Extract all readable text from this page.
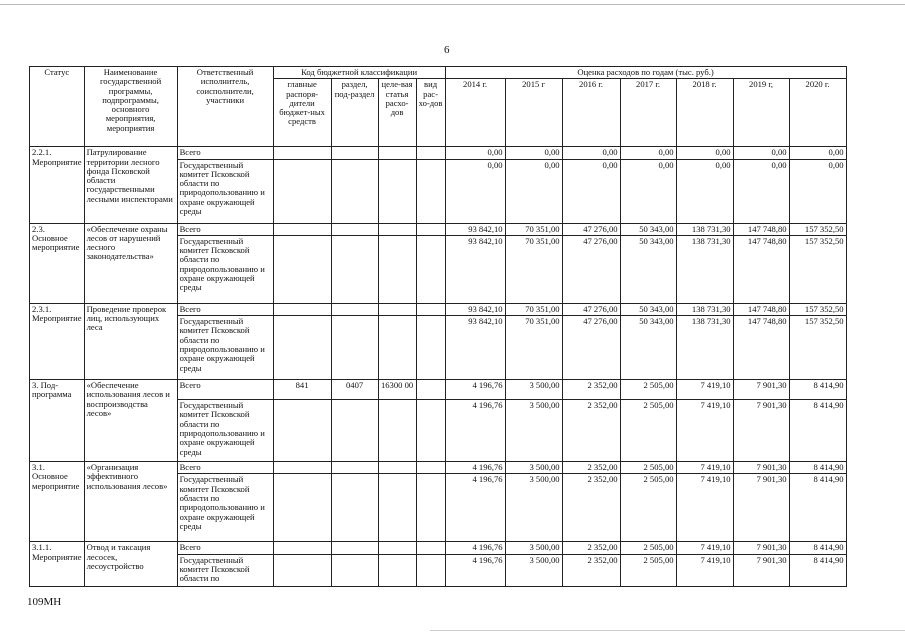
6
Статус	Наименование государственной программы, подпрограммы, основного мероприятия, мероприятия	Ответственный исполнитель, соисполнители, участники	Код бюджетной классификации				Оценка расходов по годам (тыс. руб.)						
			главные распоря-дители бюджет-ных средств	раздел, под-раздел	целе-вая статья расхо-дов	вид рас-хо-дов	2014 г.	2015 г	2016 г.	2017 г.	2018 г.	2019 г,	2020 г.
2.2.1. Мероприятие	Патрулирование территории лесного фонда Псковской области государственными лесными инспекторами	Всего					0,00	0,00	0,00	0,00	0,00	0,00	0,00
		Государственный комитет Псковской области по природопользованию и охране окружающей среды					0,00	0,00	0,00	0,00	0,00	0,00	0,00
2.3. Основное мероприятие	«Обеспечение охраны лесов от нарушений лесного законодательства»	Всего					93 842,10	70 351,00	47 276,00	50 343,00	138 731,30	147 748,80	157 352,50
		Государственный комитет Псковской области по природопользованию и охране окружающей среды					93 842,10	70 351,00	47 276,00	50 343,00	138 731,30	147 748,80	157 352,50
2.3.1. Мероприятие	Проведение проверок лиц, использующих леса	Всего					93 842,10	70 351,00	47 276,00	50 343,00	138 731,30	147 748,80	157 352,50
		Государственный комитет Псковской области по природопользованию и охране окружающей среды					93 842,10	70 351,00	47 276,00	50 343,00	138 731,30	147 748,80	157 352,50
3. Под-программа	«Обеспечение использования лесов и воспроизводства лесов»	Всего	841	0407	16300 00		4 196,76	3 500,00	2 352,00	2 505,00	7 419,10	7 901,30	8 414,90
		Государственный комитет Псковской области по природопользованию и охране окружающей среды					4 196,76	3 500,00	2 352,00	2 505,00	7 419,10	7 901,30	8 414,90
3.1. Основное мероприятие	«Организация эффективного использования лесов»	Всего					4 196,76	3 500,00	2 352,00	2 505,00	7 419,10	7 901,30	8 414,90
		Государственный комитет Псковской области по природопользованию и охране окружающей среды					4 196,76	3 500,00	2 352,00	2 505,00	7 419,10	7 901,30	8 414,90
3.1.1. Мероприятие	Отвод и таксация лесосек, лесоустройство	Всего					4 196,76	3 500,00	2 352,00	2 505,00	7 419,10	7 901,30	8 414,90
		Государственный комитет Псковской области по					4 196,76	3 500,00	2 352,00	2 505,00	7 419,10	7 901,30	8 414,90
109МН
